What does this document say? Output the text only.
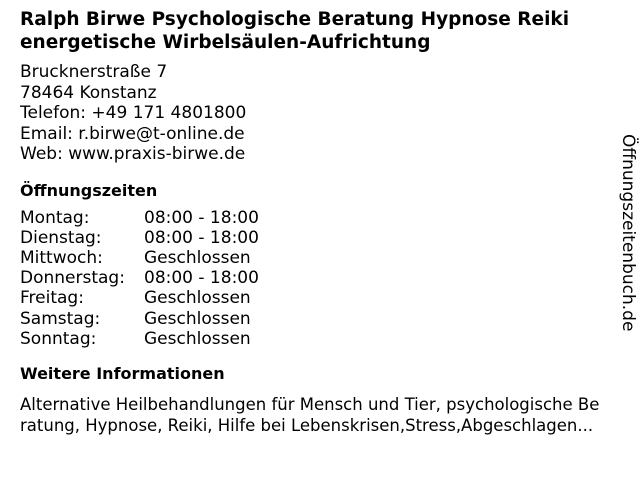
Ralph Birwe Psychologische Beratung Hypnose Reiki
energetische Wirbelsäulen-Aufrichtung
Brucknerstraße 7
78464 Konstanz
Telefon: +49 171 4801800
Email: r.birwe@t-online.de
Web: www.praxis-birwe.de
Öffnungszeiten
Montag:	08:00 - 18:00
Dienstag:	08:00 - 18:00
Mittwoch:	Geschlossen
Donnerstag:	08:00 - 18:00
Freitag:	Geschlossen
Samstag:	Geschlossen
Sonntag:	Geschlossen
Weitere Informationen
Alternative Heilbehandlungen für Mensch und Tier, psychologische Be
ratung, Hypnose, Reiki, Hilfe bei Lebenskrisen,Stress,Abgeschlagen...
Öffnungszeitenbuch.de
